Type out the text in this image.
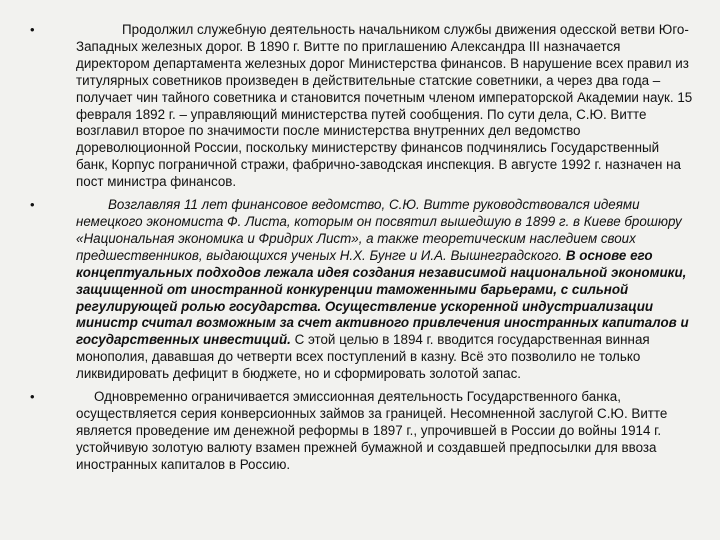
•	Продолжил служебную деятельность начальником службы движения одесской ветви Юго-Западных железных дорог. В 1890 г. Витте по приглашению Александра III назначается директором департамента железных дорог Министерства финансов. В нарушение всех правил из титулярных советников произведен в действительные статские советники, а через два года – получает чин тайного советника и становится почетным членом императорской Академии наук. 15 февраля 1892 г. – управляющий министерства путей сообщения. По сути дела, С.Ю. Витте возглавил второе по значимости после министерства внутренних дел ведомство дореволюционной России, поскольку министерству финансов подчинялись Государственный банк, Корпус пограничной стражи, фабрично-заводская инспекция. В августе 1992 г. назначен на пост министра финансов.
•	Возглавляя 11 лет финансовое ведомство, С.Ю. Витте руководствовался идеями немецкого экономиста Ф. Листа, которым он посвятил вышедшую в 1899 г. в Киеве брошюру «Национальная экономика и Фридрих Лист», а также теоретическим наследием своих предшественников, выдающихся ученых Н.Х. Бунге и И.А. Вышнеградского. В основе его концептуальных подходов лежала идея создания независимой национальной экономики, защищенной от иностранной конкуренции таможенными барьерами, с сильной регулирующей ролью государства. Осуществление ускоренной индустриализации министр считал возможным за счет активного привлечения иностранных капиталов и государственных инвестиций. С этой целью в 1894 г. вводится государственная винная монополия, дававшая до четверти всех поступлений в казну. Всё это позволило не только ликвидировать дефицит в бюджете, но и сформировать золотой запас.
•	Одновременно ограничивается эмиссионная деятельность Государственного банка, осуществляется серия конверсионных займов за границей. Несомненной заслугой С.Ю. Витте является проведение им денежной реформы в 1897 г., упрочившей в России до войны 1914 г. устойчивую золотую валюту взамен прежней бумажной и создавшей предпосылки для ввоза иностранных капиталов в Россию.
